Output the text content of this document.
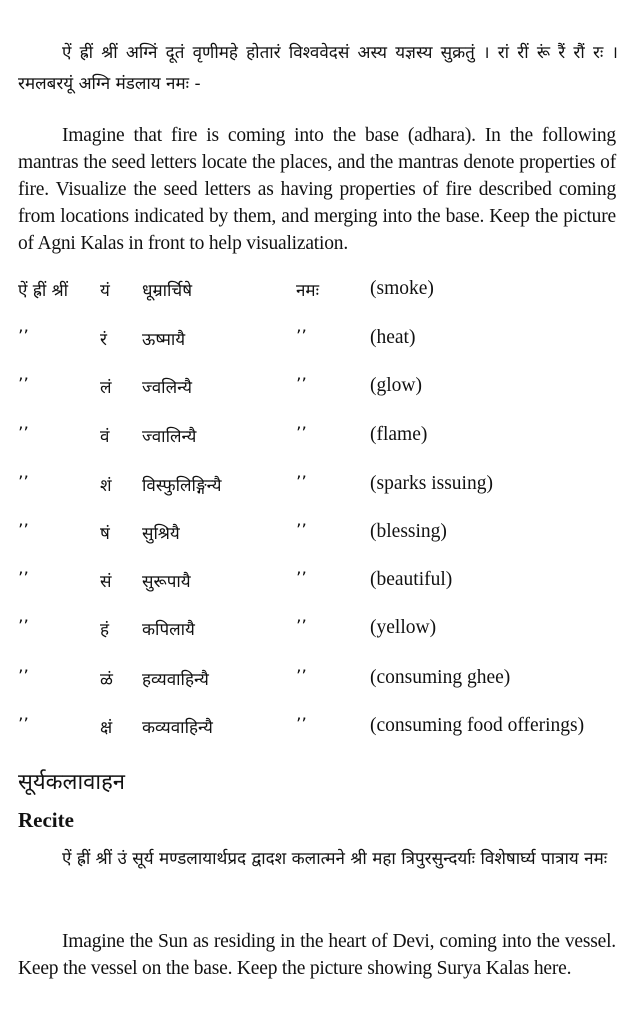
ऐं ह्रीं श्रीं अग्निं दूतं वृणीमहे होतारं विश्ववेदसं अस्य यज्ञस्य सुक्रतुं । रां रीं रूं रैं रौं रः । रमलबरयूं अग्नि मंडलाय नमः -
Imagine that fire is coming into the base (adhara). In the following mantras the seed letters locate the places, and the mantras denote properties of fire. Visualize the seed letters as having properties of fire described coming from locations indicated by them, and merging into the base. Keep the picture of Agni Kalas in front to help visualization.
ऐं ह्रीं श्रीं यं धूम्रार्चिषे	नमः	(smoke)
’’	रं ऊष्मायै	’’	(heat)
’’	लं ज्वलिन्यै	’’	(glow)
’’	वं ज्वालिन्यै	’’	(flame)
’’	शं विस्फुलिङ्गिन्यै	’’	(sparks issuing)
’’	षं सुश्रियै	’’	(blessing)
’’	सं सुरूपायै	’’	(beautiful)
’’	हं कपिलायै	’’	(yellow)
’’	ळं हव्यवाहिन्यै	’’	(consuming ghee)
’’	क्षं कव्यवाहिन्यै	’’	(consuming food offerings)
सूर्यकलावाहन
Recite
ऐं ह्रीं श्रीं उं सूर्य मण्डलायार्थप्रद द्वादश कलात्मने श्री महा त्रिपुरसुन्दर्याः विशेषार्घ्य पात्राय नमः
Imagine the Sun as residing in the heart of Devi, coming into the vessel. Keep the vessel on the base. Keep the picture showing Surya Kalas here.
